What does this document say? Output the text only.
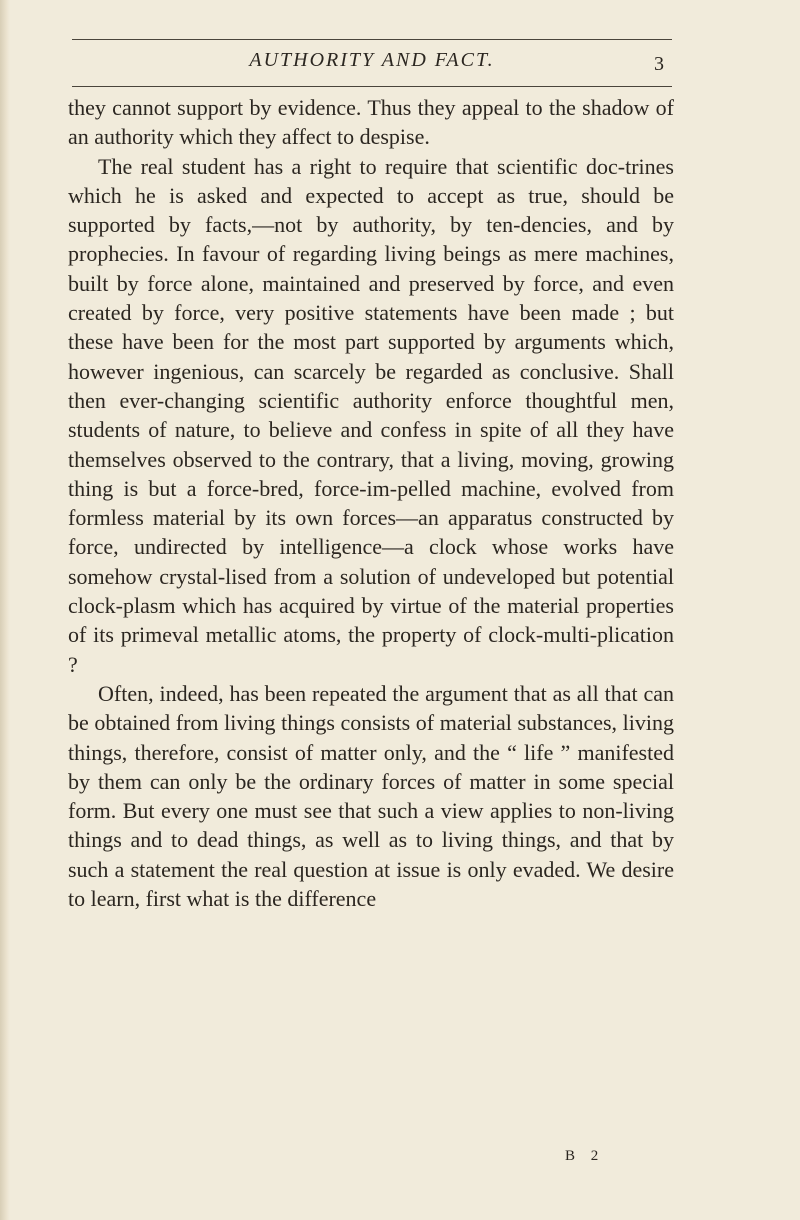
AUTHORITY AND FACT.	3

they cannot support by evidence. Thus they appeal to the shadow of an authority which they affect to despise.

The real student has a right to require that scientific doc-trines which he is asked and expected to accept as true, should be supported by facts,—not by authority, by ten-dencies, and by prophecies. In favour of regarding living beings as mere machines, built by force alone, maintained and preserved by force, and even created by force, very positive statements have been made ; but these have been for the most part supported by arguments which, however ingenious, can scarcely be regarded as conclusive. Shall then ever-changing scientific authority enforce thoughtful men, students of nature, to believe and confess in spite of all they have themselves observed to the contrary, that a living, moving, growing thing is but a force-bred, force-im-pelled machine, evolved from formless material by its own forces—an apparatus constructed by force, undirected by intelligence—a clock whose works have somehow crystal-lised from a solution of undeveloped but potential clock-plasm which has acquired by virtue of the material properties of its primeval metallic atoms, the property of clock-multi-plication ?

Often, indeed, has been repeated the argument that as all that can be obtained from living things consists of material substances, living things, therefore, consist of matter only, and the “ life ” manifested by them can only be the ordinary forces of matter in some special form. But every one must see that such a view applies to non-living things and to dead things, as well as to living things, and that by such a statement the real question at issue is only evaded. We desire to learn, first what is the difference

B 2
